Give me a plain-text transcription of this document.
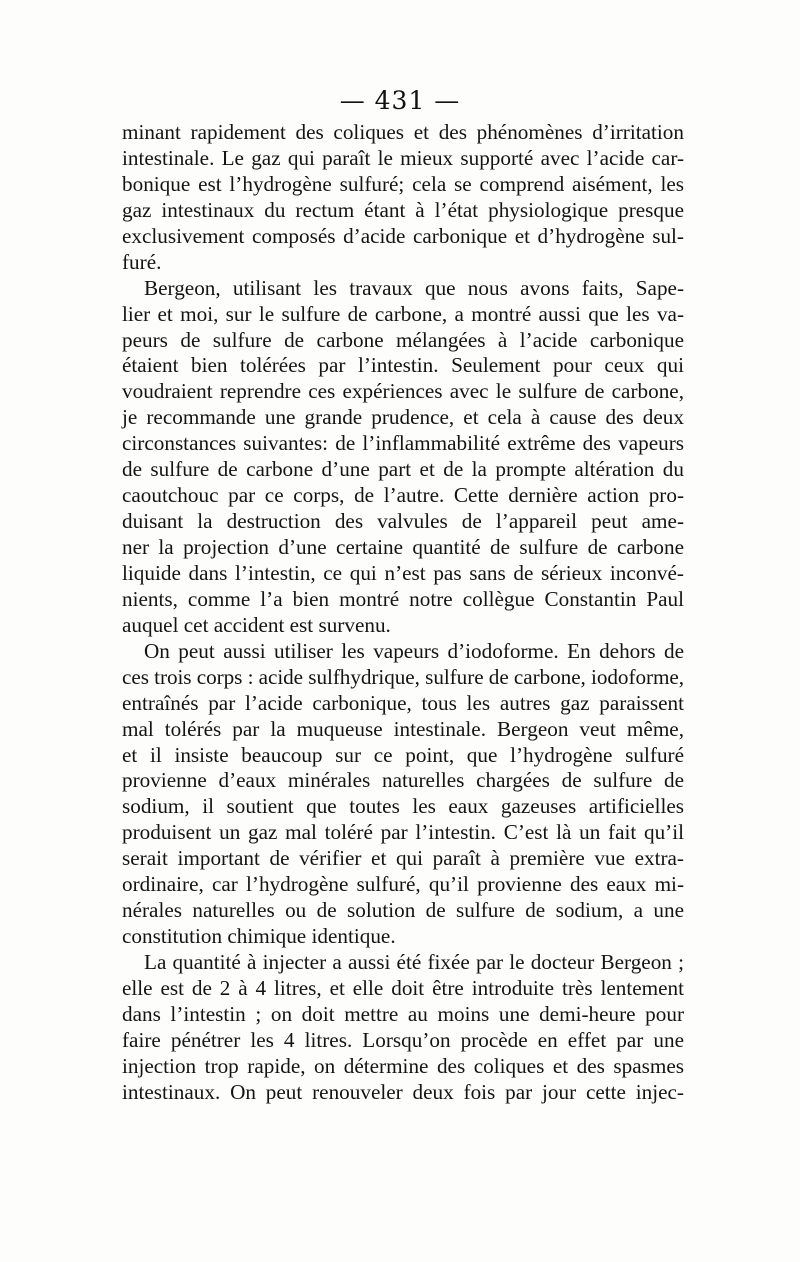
— 431 —
minant rapidement des coliques et des phénomènes d’irritation
intestinale. Le gaz qui paraît le mieux supporté avec l’acide car-
bonique est l’hydrogène sulfuré; cela se comprend aisément, les
gaz intestinaux du rectum étant à l’état physiologique presque
exclusivement composés d’acide carbonique et d’hydrogène sul-
furé.
Bergeon, utilisant les travaux que nous avons faits, Sape-
lier et moi, sur le sulfure de carbone, a montré aussi que les va-
peurs de sulfure de carbone mélangées à l’acide carbonique
étaient bien tolérées par l’intestin. Seulement pour ceux qui
voudraient reprendre ces expériences avec le sulfure de carbone,
je recommande une grande prudence, et cela à cause des deux
circonstances suivantes: de l’inflammabilité extrême des vapeurs
de sulfure de carbone d’une part et de la prompte altération du
caoutchouc par ce corps, de l’autre. Cette dernière action pro-
duisant la destruction des valvules de l’appareil peut ame-
ner la projection d’une certaine quantité de sulfure de carbone
liquide dans l’intestin, ce qui n’est pas sans de sérieux inconvé-
nients, comme l’a bien montré notre collègue Constantin Paul
auquel cet accident est survenu.
On peut aussi utiliser les vapeurs d’iodoforme. En dehors de
ces trois corps : acide sulfhydrique, sulfure de carbone, iodoforme,
entraînés par l’acide carbonique, tous les autres gaz paraissent
mal tolérés par la muqueuse intestinale. Bergeon veut même,
et il insiste beaucoup sur ce point, que l’hydrogène sulfuré
provienne d’eaux minérales naturelles chargées de sulfure de
sodium, il soutient que toutes les eaux gazeuses artificielles
produisent un gaz mal toléré par l’intestin. C’est là un fait qu’il
serait important de vérifier et qui paraît à première vue extra-
ordinaire, car l’hydrogène sulfuré, qu’il provienne des eaux mi-
nérales naturelles ou de solution de sulfure de sodium, a une
constitution chimique identique.
La quantité à injecter a aussi été fixée par le docteur Bergeon ;
elle est de 2 à 4 litres, et elle doit être introduite très lentement
dans l’intestin ; on doit mettre au moins une demi-heure pour
faire pénétrer les 4 litres. Lorsqu’on procède en effet par une
injection trop rapide, on détermine des coliques et des spasmes
intestinaux. On peut renouveler deux fois par jour cette injec-
